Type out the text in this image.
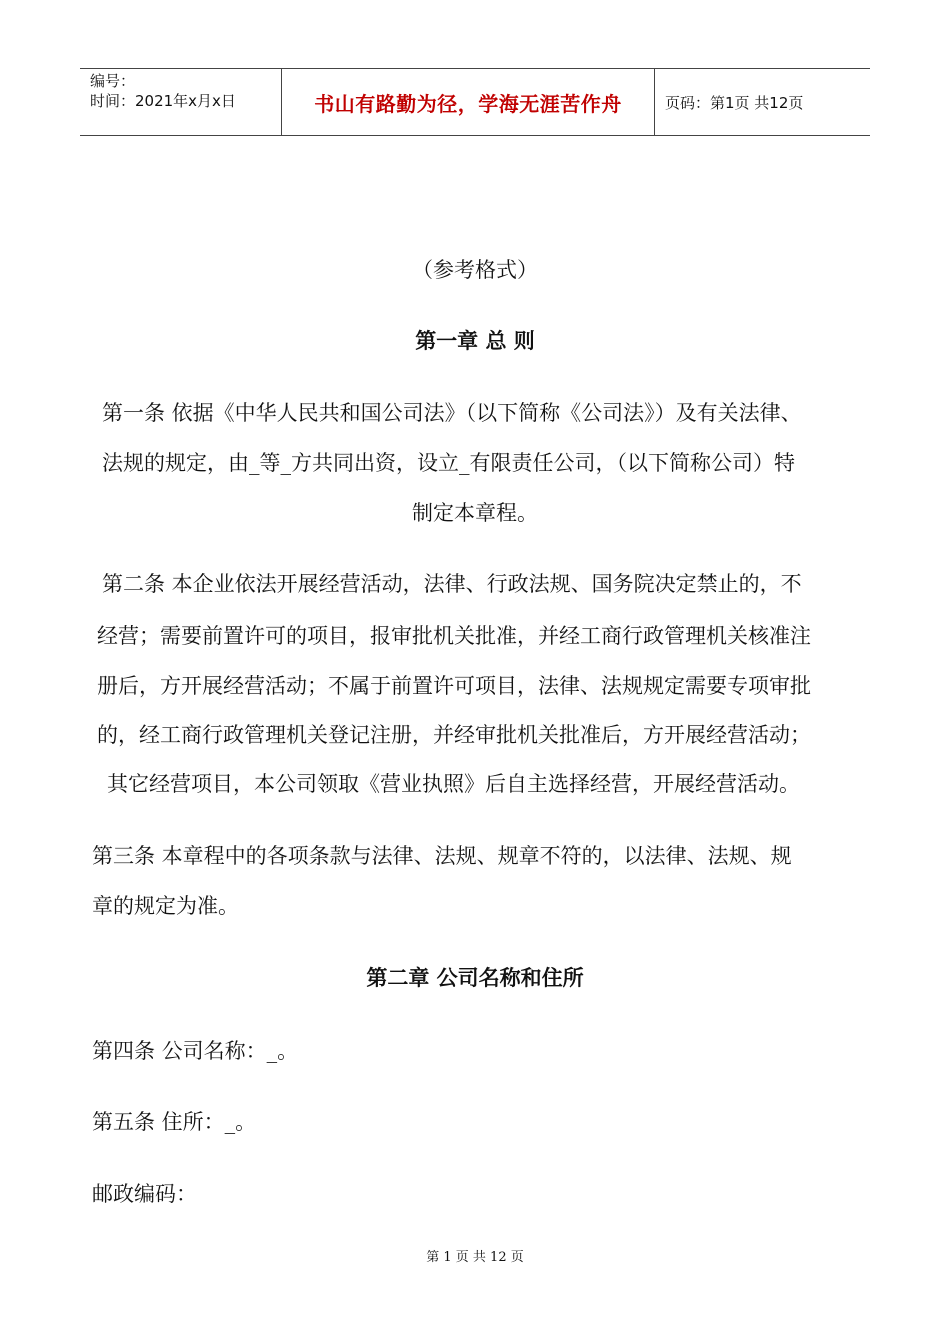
编号：
时间：2021年x月x日	书山有路勤为径，学海无涯苦作舟	页码：第1页 共12页
（参考格式）
第一章 总 则
第一条 依据《中华人民共和国公司法》（以下简称《公司法》）及有关法律、
法规的规定，由_等_方共同出资，设立_有限责任公司，（以下简称公司）特
制定本章程。
第二条 本企业依法开展经营活动，法律、行政法规、国务院决定禁止的，不
经营；需要前置许可的项目，报审批机关批准，并经工商行政管理机关核准注
册后，方开展经营活动；不属于前置许可项目，法律、法规规定需要专项审批
的，经工商行政管理机关登记注册，并经审批机关批准后，方开展经营活动；
其它经营项目，本公司领取《营业执照》后自主选择经营，开展经营活动。
第三条 本章程中的各项条款与法律、法规、规章不符的，以法律、法规、规
章的规定为准。
第二章 公司名称和住所
第四条 公司名称：_。
第五条 住所：_。
邮政编码：
第 1 页 共 12 页
